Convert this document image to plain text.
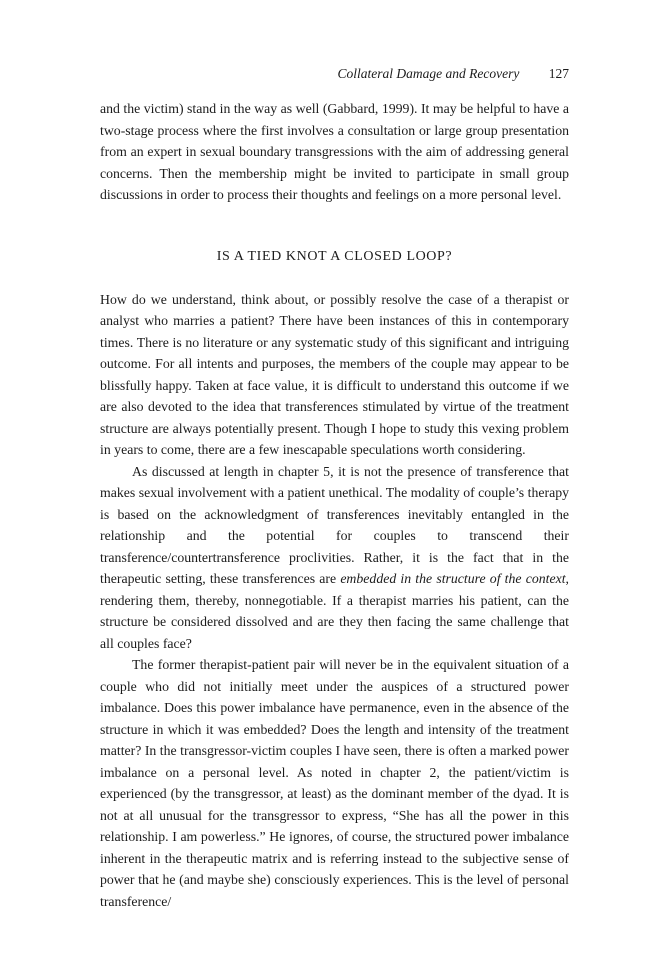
Collateral Damage and Recovery 127

and the victim) stand in the way as well (Gabbard, 1999). It may be helpful to have a two-stage process where the first involves a consultation or large group presentation from an expert in sexual boundary transgressions with the aim of addressing general concerns. Then the membership might be invited to participate in small group discussions in order to process their thoughts and feelings on a more personal level.

IS A TIED KNOT A CLOSED LOOP?

How do we understand, think about, or possibly resolve the case of a therapist or analyst who marries a patient? There have been instances of this in contemporary times. There is no literature or any systematic study of this significant and intriguing outcome. For all intents and purposes, the members of the couple may appear to be blissfully happy. Taken at face value, it is difficult to understand this outcome if we are also devoted to the idea that transferences stimulated by virtue of the treatment structure are always potentially present. Though I hope to study this vexing problem in years to come, there are a few inescapable speculations worth considering.

As discussed at length in chapter 5, it is not the presence of transference that makes sexual involvement with a patient unethical. The modality of couple’s therapy is based on the acknowledgment of transferences inevitably entangled in the relationship and the potential for couples to transcend their transference/countertransference proclivities. Rather, it is the fact that in the therapeutic setting, these transferences are embedded in the structure of the context, rendering them, thereby, nonnegotiable. If a therapist marries his patient, can the structure be considered dissolved and are they then facing the same challenge that all couples face?

The former therapist-patient pair will never be in the equivalent situation of a couple who did not initially meet under the auspices of a structured power imbalance. Does this power imbalance have permanence, even in the absence of the structure in which it was embedded? Does the length and intensity of the treatment matter? In the transgressor-victim couples I have seen, there is often a marked power imbalance on a personal level. As noted in chapter 2, the patient/victim is experienced (by the transgressor, at least) as the dominant member of the dyad. It is not at all unusual for the transgressor to express, “She has all the power in this relationship. I am powerless.” He ignores, of course, the structured power imbalance inherent in the therapeutic matrix and is referring instead to the subjective sense of power that he (and maybe she) consciously experiences. This is the level of personal transference/
